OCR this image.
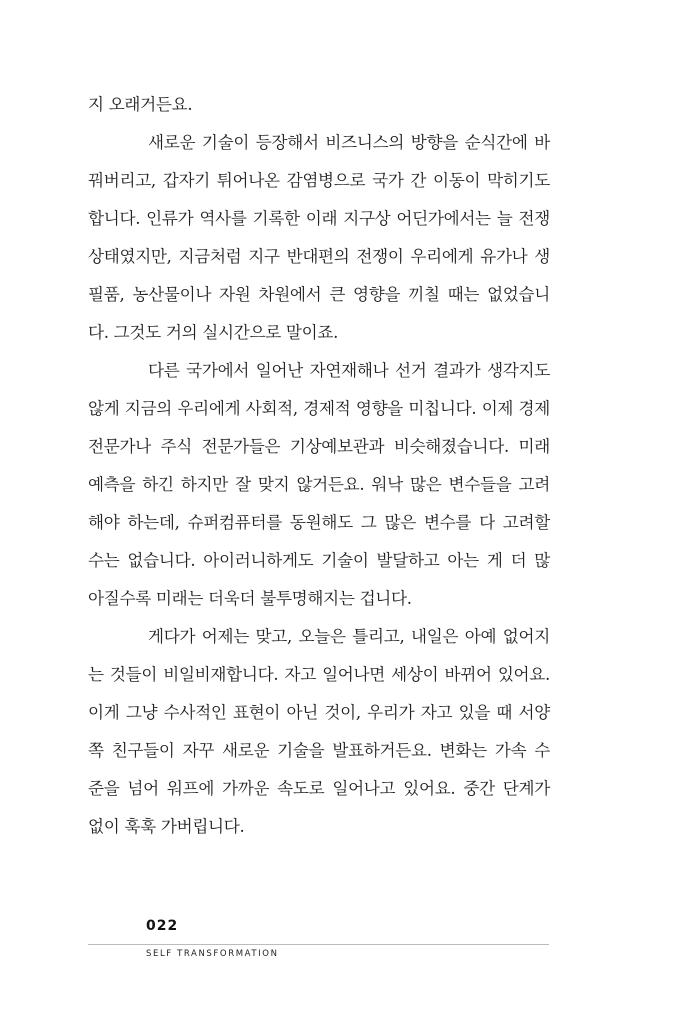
지 오래거든요.
새로운 기술이 등장해서 비즈니스의 방향을 순식간에 바
꿔버리고, 갑자기 튀어나온 감염병으로 국가 간 이동이 막히기도
합니다. 인류가 역사를 기록한 이래 지구상 어딘가에서는 늘 전쟁
상태였지만, 지금처럼 지구 반대편의 전쟁이 우리에게 유가나 생
필품, 농산물이나 자원 차원에서 큰 영향을 끼칠 때는 없었습니
다. 그것도 거의 실시간으로 말이죠.
다른 국가에서 일어난 자연재해나 선거 결과가 생각지도
않게 지금의 우리에게 사회적, 경제적 영향을 미칩니다. 이제 경제
전문가나 주식 전문가들은 기상예보관과 비슷해졌습니다. 미래
예측을 하긴 하지만 잘 맞지 않거든요. 워낙 많은 변수들을 고려
해야 하는데, 슈퍼컴퓨터를 동원해도 그 많은 변수를 다 고려할
수는 없습니다. 아이러니하게도 기술이 발달하고 아는 게 더 많
아질수록 미래는 더욱더 불투명해지는 겁니다.
게다가 어제는 맞고, 오늘은 틀리고, 내일은 아예 없어지
는 것들이 비일비재합니다. 자고 일어나면 세상이 바뀌어 있어요.
이게 그냥 수사적인 표현이 아닌 것이, 우리가 자고 있을 때 서양
쪽 친구들이 자꾸 새로운 기술을 발표하거든요. 변화는 가속 수
준을 넘어 워프에 가까운 속도로 일어나고 있어요. 중간 단계가
없이 훅훅 가버립니다.
022
SELF TRANSFORMATION
